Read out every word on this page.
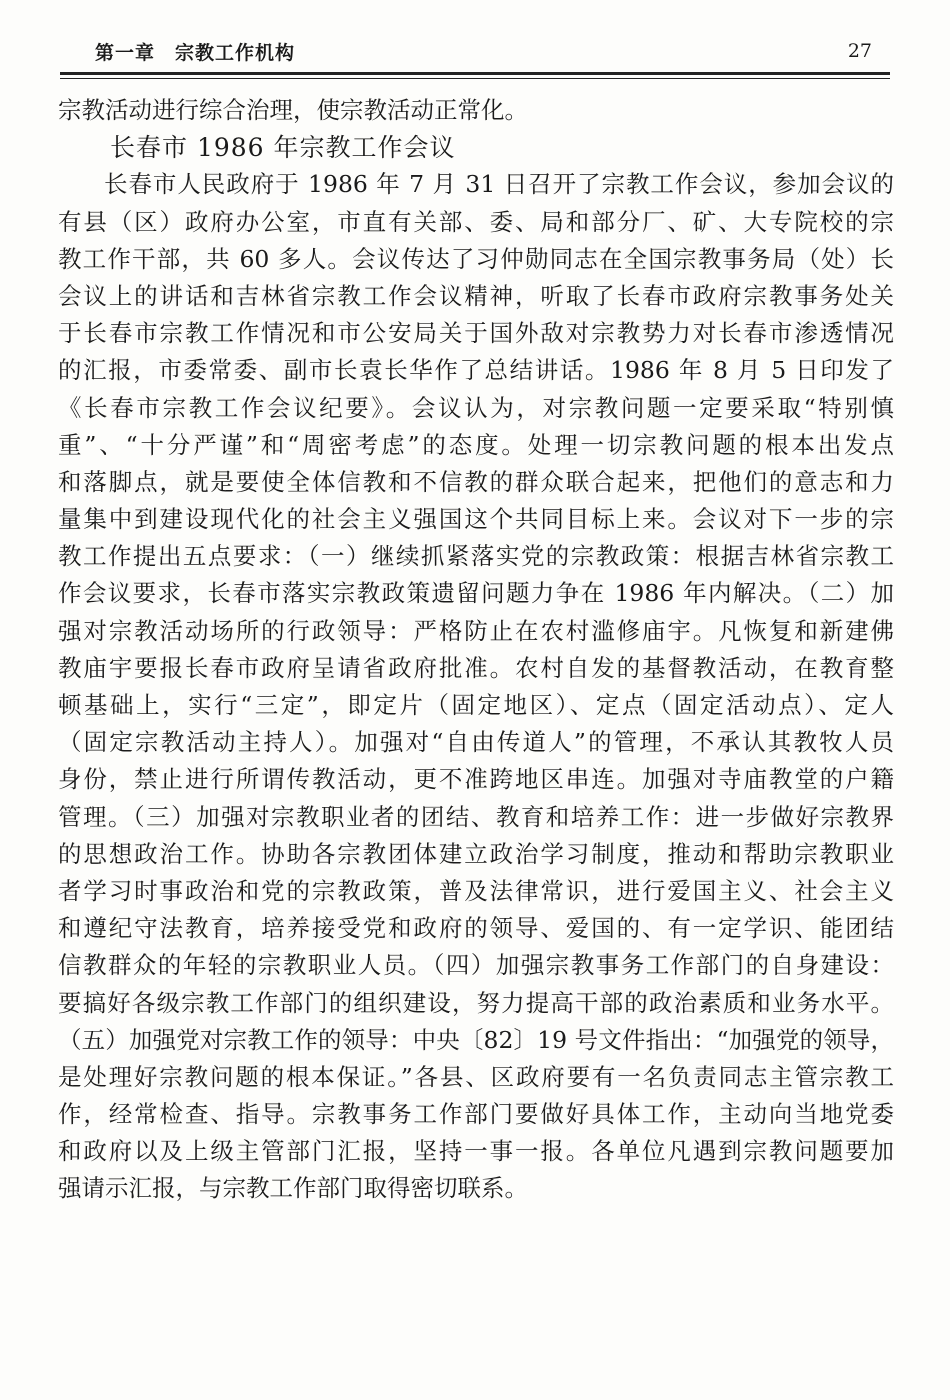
第一章　宗教工作机构	27
宗教活动进行综合治理，使宗教活动正常化。
长春市 1986 年宗教工作会议
长春市人民政府于 1986 年 7 月 31 日召开了宗教工作会议，参加会议的
有县（区）政府办公室，市直有关部、委、局和部分厂、矿、大专院校的宗
教工作干部，共 60 多人。会议传达了习仲勋同志在全国宗教事务局（处）长
会议上的讲话和吉林省宗教工作会议精神，听取了长春市政府宗教事务处关
于长春市宗教工作情况和市公安局关于国外敌对宗教势力对长春市渗透情况
的汇报，市委常委、副市长袁长华作了总结讲话。1986 年 8 月 5 日印发了
《长春市宗教工作会议纪要》。会议认为，对宗教问题一定要采取“特别慎
重”、“十分严谨”和“周密考虑”的态度。处理一切宗教问题的根本出发点
和落脚点，就是要使全体信教和不信教的群众联合起来，把他们的意志和力
量集中到建设现代化的社会主义强国这个共同目标上来。会议对下一步的宗
教工作提出五点要求：（一）继续抓紧落实党的宗教政策：根据吉林省宗教工
作会议要求，长春市落实宗教政策遗留问题力争在 1986 年内解决。（二）加
强对宗教活动场所的行政领导：严格防止在农村滥修庙宇。凡恢复和新建佛
教庙宇要报长春市政府呈请省政府批准。农村自发的基督教活动，在教育整
顿基础上，实行“三定”，即定片（固定地区）、定点（固定活动点）、定人
（固定宗教活动主持人）。加强对“自由传道人”的管理，不承认其教牧人员
身份，禁止进行所谓传教活动，更不准跨地区串连。加强对寺庙教堂的户籍
管理。（三）加强对宗教职业者的团结、教育和培养工作：进一步做好宗教界
的思想政治工作。协助各宗教团体建立政治学习制度，推动和帮助宗教职业
者学习时事政治和党的宗教政策，普及法律常识，进行爱国主义、社会主义
和遵纪守法教育，培养接受党和政府的领导、爱国的、有一定学识、能团结
信教群众的年轻的宗教职业人员。（四）加强宗教事务工作部门的自身建设：
要搞好各级宗教工作部门的组织建设，努力提高干部的政治素质和业务水平。
（五）加强党对宗教工作的领导：中央〔82〕19 号文件指出：“加强党的领导，
是处理好宗教问题的根本保证。”各县、区政府要有一名负责同志主管宗教工
作，经常检查、指导。宗教事务工作部门要做好具体工作，主动向当地党委
和政府以及上级主管部门汇报，坚持一事一报。各单位凡遇到宗教问题要加
强请示汇报，与宗教工作部门取得密切联系。
